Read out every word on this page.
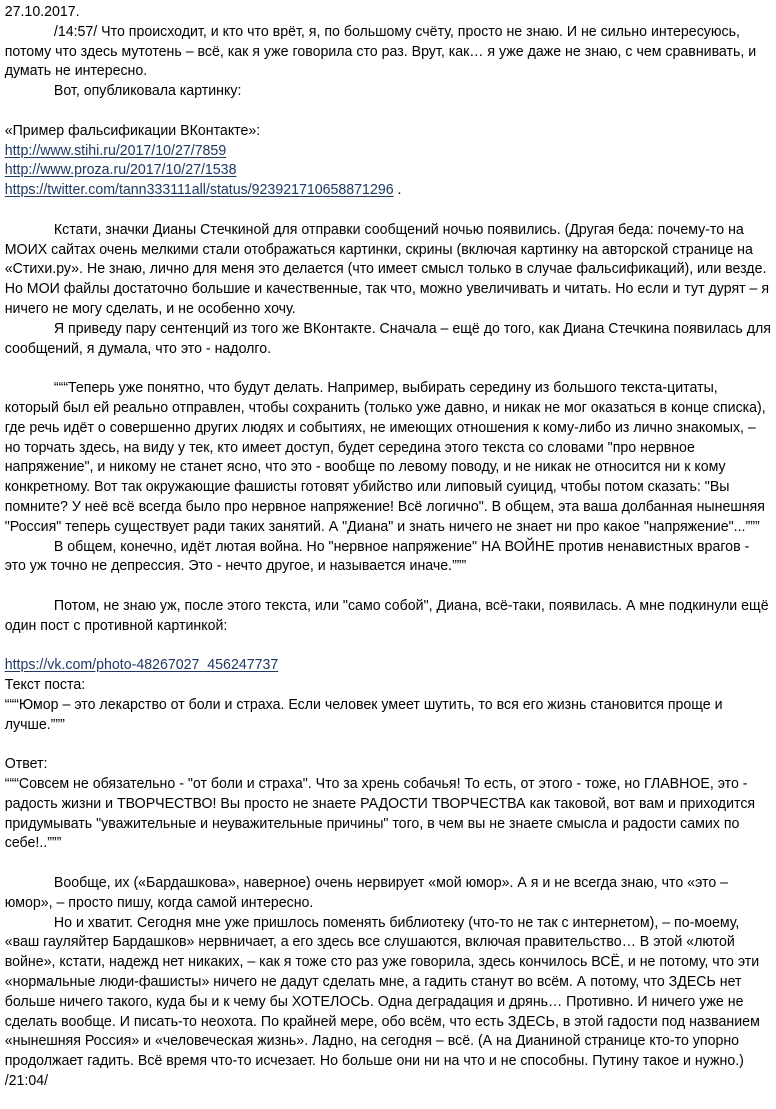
27.10.2017.

/14:57/ Что происходит, и кто что врёт, я, по большому счёту, просто не знаю. И не сильно интересуюсь, потому что здесь мутотень – всё, как я уже говорила сто раз. Врут, как… я уже даже не знаю, с чем сравнивать, и думать не интересно.

Вот, опубликовала картинку:

«Пример фальсификации ВКонтакте»:

http://www.stihi.ru/2017/10/27/7859

http://www.proza.ru/2017/10/27/1538

https://twitter.com/tann333111all/status/923921710658871296 .

Кстати, значки Дианы Стечкиной для отправки сообщений ночью появились. (Другая беда: почему-то на МОИХ сайтах очень мелкими стали отображаться картинки, скрины (включая картинку на авторской странице на «Стихи.ру». Не знаю, лично для меня это делается (что имеет смысл только в случае фальсификаций), или везде. Но МОИ файлы достаточно большие и качественные, так что, можно увеличивать и читать. Но если и тут дурят – я ничего не могу сделать, и не особенно хочу.

Я приведу пару сентенций из того же ВКонтакте. Сначала – ещё до того, как Диана Стечкина появилась для сообщений, я думала, что это - надолго.

“““Теперь уже понятно, что будут делать. Например, выбирать середину из большого текста-цитаты, который был ей реально отправлен, чтобы сохранить (только уже давно, и никак не мог оказаться в конце списка), где речь идёт о совершенно других людях и событиях, не имеющих отношения к кому-либо из лично знакомых, – но торчать здесь, на виду у тек, кто имеет доступ, будет середина этого текста со словами "про нервное напряжение", и никому не станет ясно, что это - вообще по левому поводу, и не никак не относится ни к кому конкретному. Вот так окружающие фашисты готовят убийство или липовый суицид, чтобы потом сказать: "Вы помните? У неё всё всегда было про нервное напряжение! Всё логично". В общем, эта ваша долбанная нынешняя "Россия" теперь существует ради таких занятий. А "Диана" и знать ничего не знает ни про какое "напряжение"...”””

В общем, конечно, идёт лютая война. Но "нервное напряжение" НА ВОЙНЕ против ненавистных врагов - это уж точно не депрессия. Это - нечто другое, и называется иначе.”””

Потом, не знаю уж, после этого текста, или "само собой", Диана, всё-таки, появилась. А мне подкинули ещё один пост с противной картинкой:

https://vk.com/photo-48267027_456247737

Текст поста:

“““Юмор – это лекарство от боли и страха. Если человек умеет шутить, то вся его жизнь становится проще и лучше.”””

Ответ:

“““Совсем не обязательно - "от боли и страха". Что за хрень собачья! То есть, от этого - тоже, но ГЛАВНОЕ, это - радость жизни и ТВОРЧЕСТВО! Вы просто не знаете РАДОСТИ ТВОРЧЕСТВА как таковой, вот вам и приходится придумывать "уважительные и неуважительные причины" того, в чем вы не знаете смысла и радости самих по себе!..”””

Вообще, их («Бардашкова», наверное) очень нервирует «мой юмор». А я и не всегда знаю, что «это – юмор», – просто пишу, когда самой интересно.

Но и хватит. Сегодня мне уже пришлось поменять библиотеку (что-то не так с интернетом), – по-моему, «ваш гауляйтер Бардашков» нервничает, а его здесь все слушаются, включая правительство… В этой «лютой войне», кстати, надежд нет никаких, – как я тоже сто раз уже говорила, здесь кончилось ВСЁ, и не потому, что эти «нормальные люди-фашисты» ничего не дадут сделать мне, а гадить станут во всём. А потому, что ЗДЕСЬ нет больше ничего такого, куда бы и к чему бы ХОТЕЛОСЬ. Одна деградация и дрянь… Противно. И ничего уже не сделать вообще. И писать-то неохота. По крайней мере, обо всём, что есть ЗДЕСЬ, в этой гадости под названием «нынешняя Россия» и «человеческая жизнь». Ладно, на сегодня – всё. (А на Дианиной странице кто-то упорно продолжает гадить. Всё время что-то исчезает. Но больше они ни на что и не способны. Путину такое и нужно.) /21:04/
